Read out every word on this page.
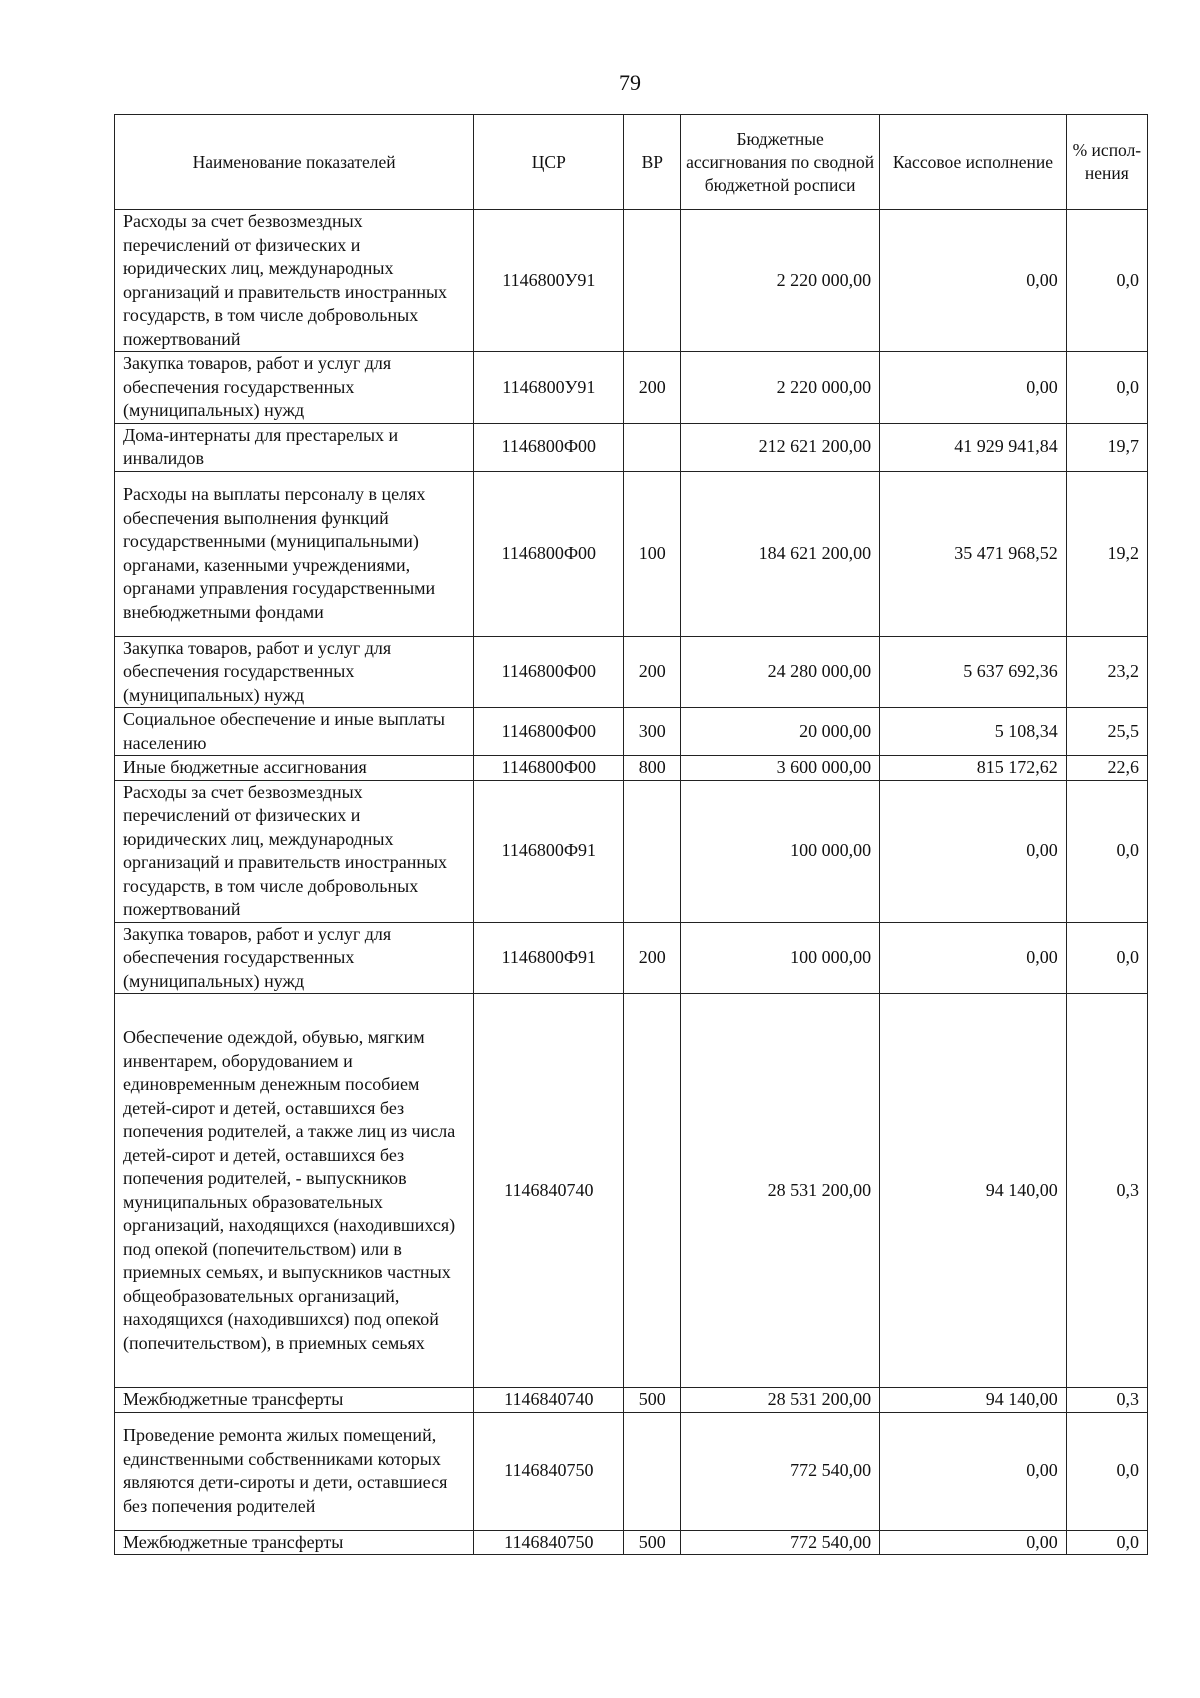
79
Наименование показателей	ЦСР	ВР	Бюджетные ассигнования по сводной бюджетной росписи	Кассовое исполнение	% испол-нения
Расходы за счет безвозмездных перечислений от физических и юридических лиц, международных организаций и правительств иностранных государств, в том числе добровольных пожертвований	1146800У91		2 220 000,00	0,00	0,0
Закупка товаров, работ и услуг для обеспечения государственных (муниципальных) нужд	1146800У91	200	2 220 000,00	0,00	0,0
Дома-интернаты для престарелых и инвалидов	1146800Ф00		212 621 200,00	41 929 941,84	19,7
Расходы на выплаты персоналу в целях обеспечения выполнения функций государственными (муниципальными) органами, казенными учреждениями, органами управления государственными внебюджетными фондами	1146800Ф00	100	184 621 200,00	35 471 968,52	19,2
Закупка товаров, работ и услуг для обеспечения государственных (муниципальных) нужд	1146800Ф00	200	24 280 000,00	5 637 692,36	23,2
Социальное обеспечение и иные выплаты населению	1146800Ф00	300	20 000,00	5 108,34	25,5
Иные бюджетные ассигнования	1146800Ф00	800	3 600 000,00	815 172,62	22,6
Расходы за счет безвозмездных перечислений от физических и юридических лиц, международных организаций и правительств иностранных государств, в том числе добровольных пожертвований	1146800Ф91		100 000,00	0,00	0,0
Закупка товаров, работ и услуг для обеспечения государственных (муниципальных) нужд	1146800Ф91	200	100 000,00	0,00	0,0
Обеспечение одеждой, обувью, мягким инвентарем, оборудованием и единовременным денежным пособием детей-сирот и детей, оставшихся без попечения родителей, а также лиц из числа детей-сирот и детей, оставшихся без попечения родителей, - выпускников муниципальных образовательных организаций, находящихся (находившихся) под опекой (попечительством) или в приемных семьях, и выпускников частных общеобразовательных организаций, находящихся (находившихся) под опекой (попечительством), в приемных семьях	1146840740		28 531 200,00	94 140,00	0,3
Межбюджетные трансферты	1146840740	500	28 531 200,00	94 140,00	0,3
Проведение ремонта жилых помещений, единственными собственниками которых являются дети-сироты и дети, оставшиеся без попечения родителей	1146840750		772 540,00	0,00	0,0
Межбюджетные трансферты	1146840750	500	772 540,00	0,00	0,0
